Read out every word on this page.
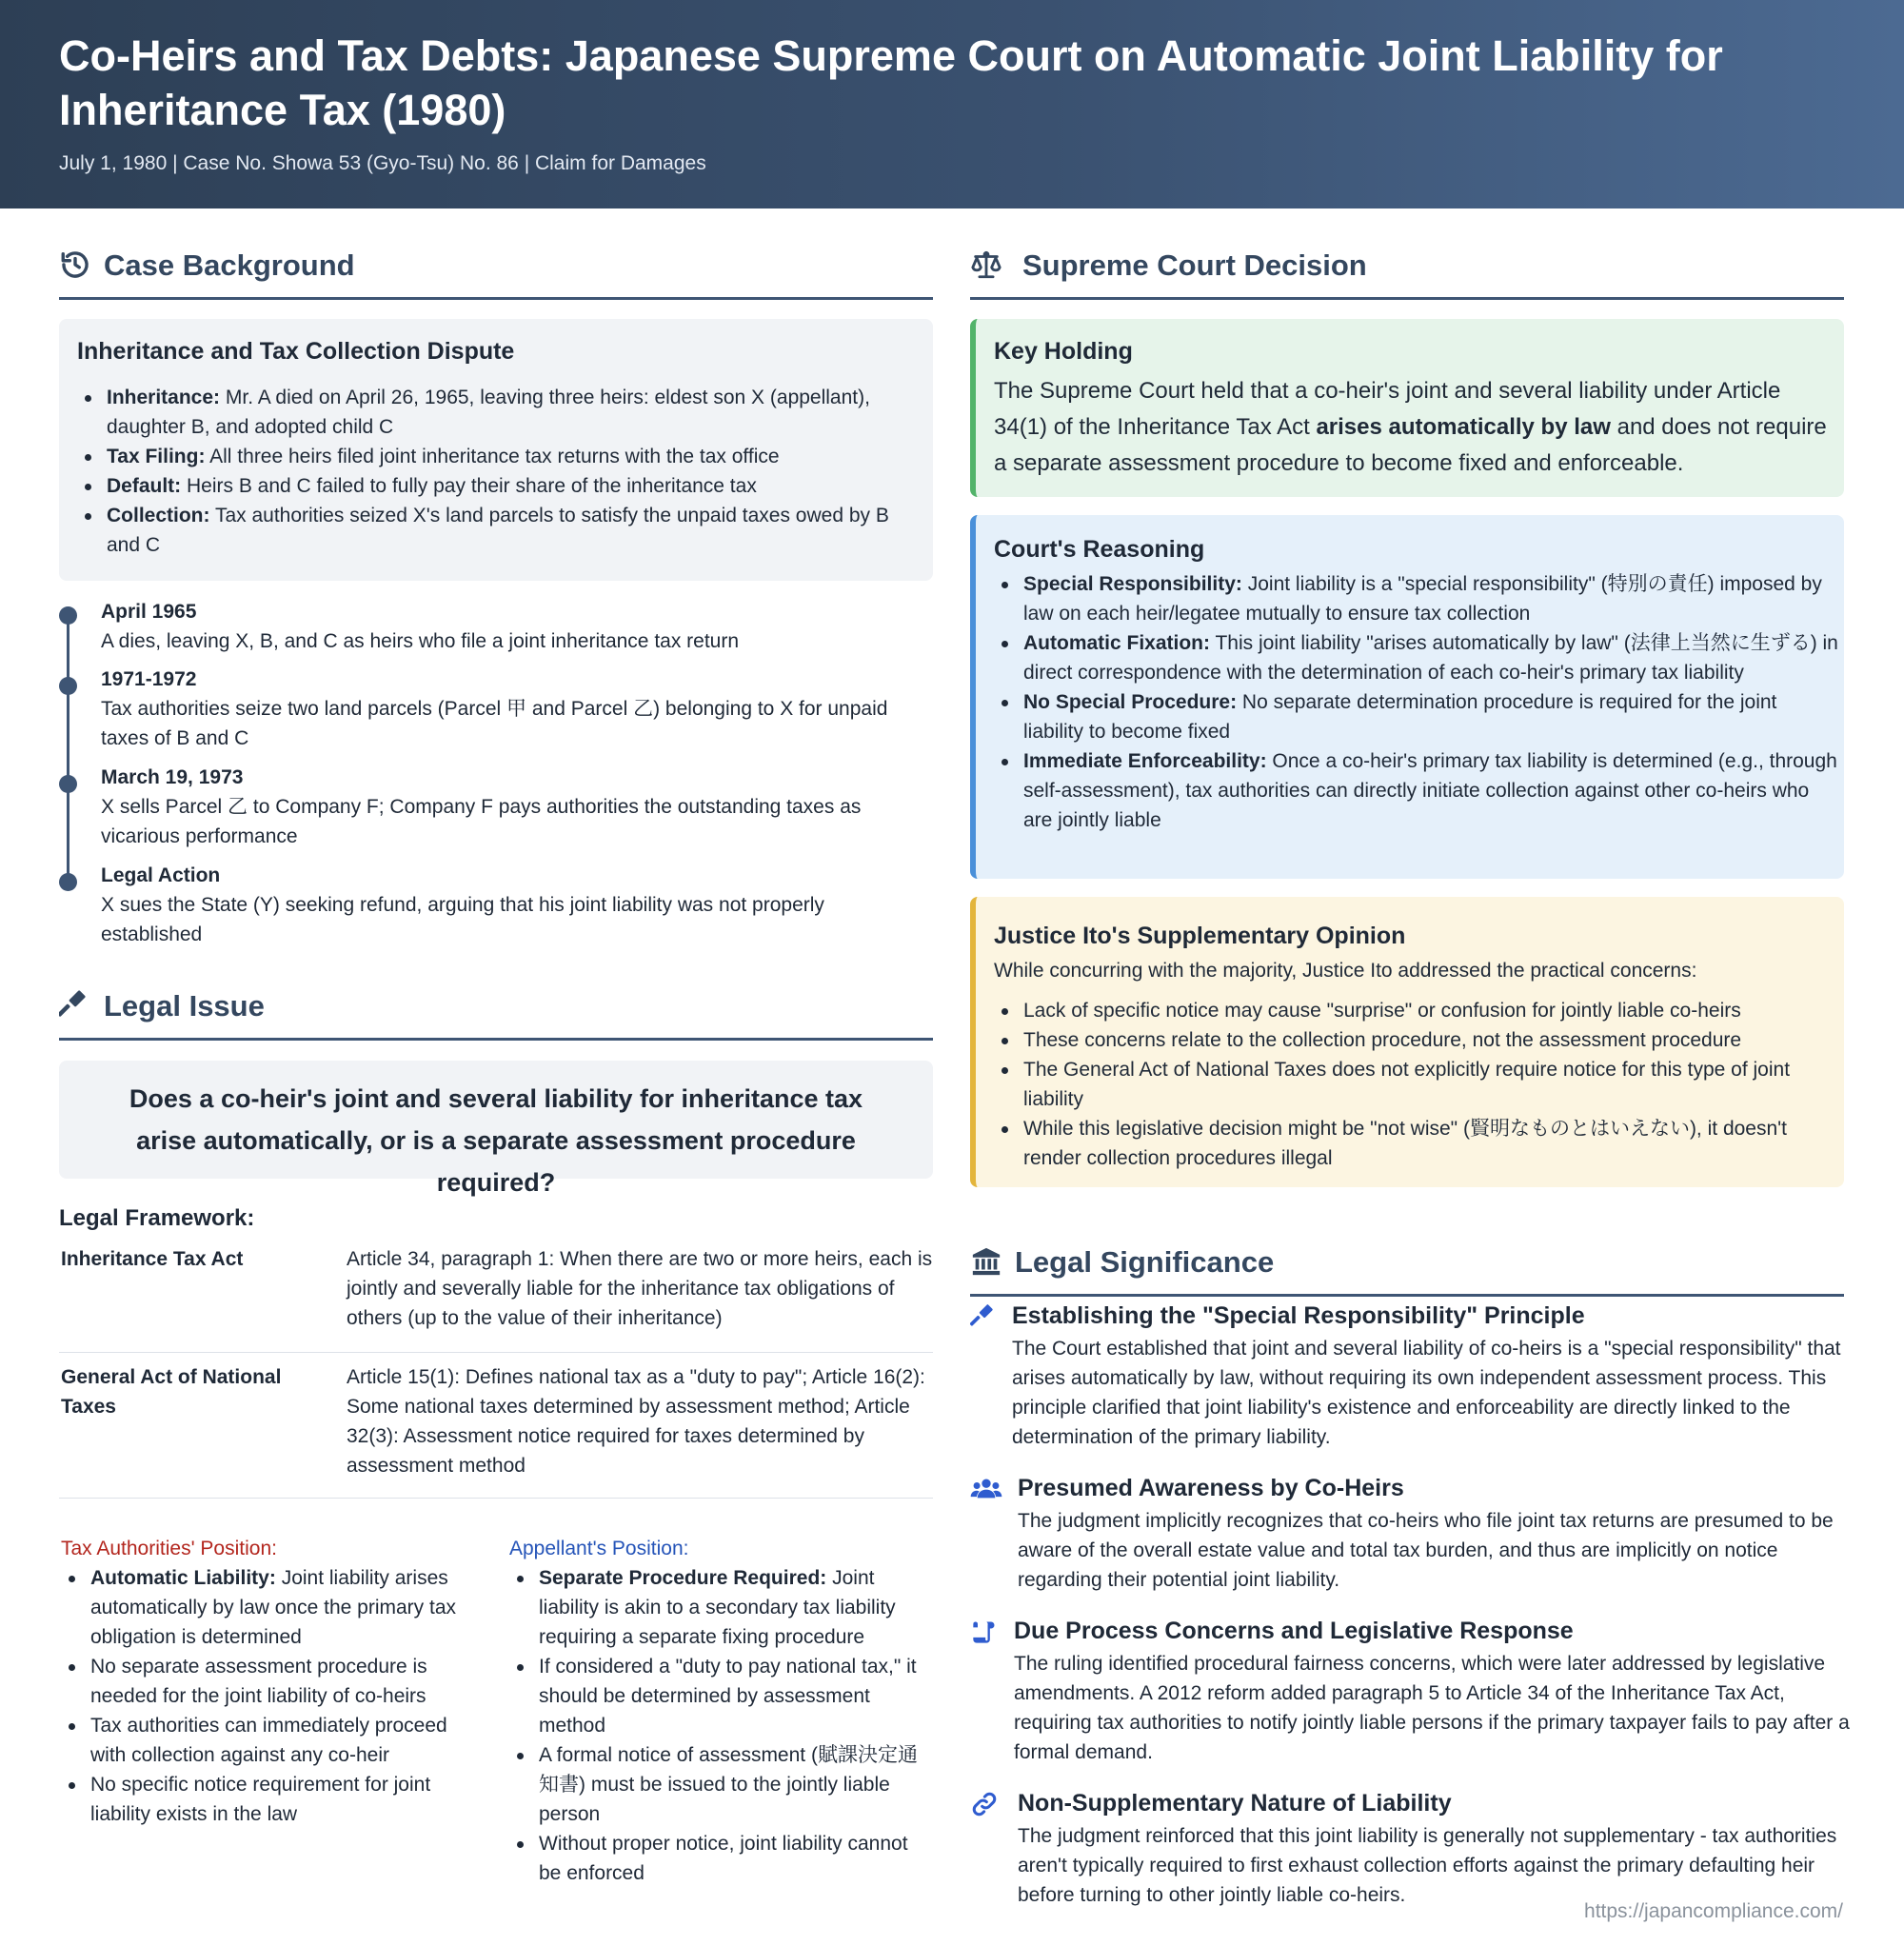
Co-Heirs and Tax Debts: Japanese Supreme Court on Automatic Joint Liability for Inheritance Tax (1980)
July 1, 1980 | Case No. Showa 53 (Gyo-Tsu) No. 86 | Claim for Damages
Case Background
Inheritance and Tax Collection Dispute
Inheritance: Mr. A died on April 26, 1965, leaving three heirs: eldest son X (appellant), daughter B, and adopted child C
Tax Filing: All three heirs filed joint inheritance tax returns with the tax office
Default: Heirs B and C failed to fully pay their share of the inheritance tax
Collection: Tax authorities seized X's land parcels to satisfy the unpaid taxes owed by B and C
April 1965
A dies, leaving X, B, and C as heirs who file a joint inheritance tax return
1971-1972
Tax authorities seize two land parcels (Parcel 甲 and Parcel 乙) belonging to X for unpaid taxes of B and C
March 19, 1973
X sells Parcel 乙 to Company F; Company F pays authorities the outstanding taxes as vicarious performance
Legal Action
X sues the State (Y) seeking refund, arguing that his joint liability was not properly established
Legal Issue
Does a co-heir's joint and several liability for inheritance tax arise automatically, or is a separate assessment procedure required?
Legal Framework:
Inheritance Tax Act	Article 34, paragraph 1: When there are two or more heirs, each is jointly and severally liable for the inheritance tax obligations of others (up to the value of their inheritance)
General Act of National Taxes
Article 15(1): Defines national tax as a "duty to pay"; Article 16(2): Some national taxes determined by assessment method; Article 32(3): Assessment notice required for taxes determined by assessment method
Tax Authorities' Position:
Automatic Liability: Joint liability arises automatically by law once the primary tax obligation is determined
No separate assessment procedure is needed for the joint liability of co-heirs
Tax authorities can immediately proceed with collection against any co-heir
No specific notice requirement for joint liability exists in the law
Appellant's Position:
Separate Procedure Required: Joint liability is akin to a secondary tax liability requiring a separate fixing procedure
If considered a "duty to pay national tax," it should be determined by assessment method
A formal notice of assessment (賦課決定通知書) must be issued to the jointly liable person
Without proper notice, joint liability cannot be enforced
Supreme Court Decision
Key Holding
The Supreme Court held that a co-heir's joint and several liability under Article 34(1) of the Inheritance Tax Act arises automatically by law and does not require a separate assessment procedure to become fixed and enforceable.
Court's Reasoning
Special Responsibility: Joint liability is a "special responsibility" (特別の責任) imposed by law on each heir/legatee mutually to ensure tax collection
Automatic Fixation: This joint liability "arises automatically by law" (法律上当然に生ずる) in direct correspondence with the determination of each co-heir's primary tax liability
No Special Procedure: No separate determination procedure is required for the joint liability to become fixed
Immediate Enforceability: Once a co-heir's primary tax liability is determined (e.g., through self-assessment), tax authorities can directly initiate collection against other co-heirs who are jointly liable
Justice Ito's Supplementary Opinion
While concurring with the majority, Justice Ito addressed the practical concerns:
Lack of specific notice may cause "surprise" or confusion for jointly liable co-heirs
These concerns relate to the collection procedure, not the assessment procedure
The General Act of National Taxes does not explicitly require notice for this type of joint liability
While this legislative decision might be "not wise" (賢明なものとはいえない), it doesn't render collection procedures illegal
Legal Significance
Establishing the "Special Responsibility" Principle
The Court established that joint and several liability of co-heirs is a "special responsibility" that arises automatically by law, without requiring its own independent assessment process. This principle clarified that joint liability's existence and enforceability are directly linked to the determination of the primary liability.
Presumed Awareness by Co-Heirs
The judgment implicitly recognizes that co-heirs who file joint tax returns are presumed to be aware of the overall estate value and total tax burden, and thus are implicitly on notice regarding their potential joint liability.
Due Process Concerns and Legislative Response
The ruling identified procedural fairness concerns, which were later addressed by legislative amendments. A 2012 reform added paragraph 5 to Article 34 of the Inheritance Tax Act, requiring tax authorities to notify jointly liable persons if the primary taxpayer fails to pay after a formal demand.
Non-Supplementary Nature of Liability
The judgment reinforced that this joint liability is generally not supplementary - tax authorities aren't typically required to first exhaust collection efforts against the primary defaulting heir before turning to other jointly liable co-heirs.
https://japancompliance.com/
